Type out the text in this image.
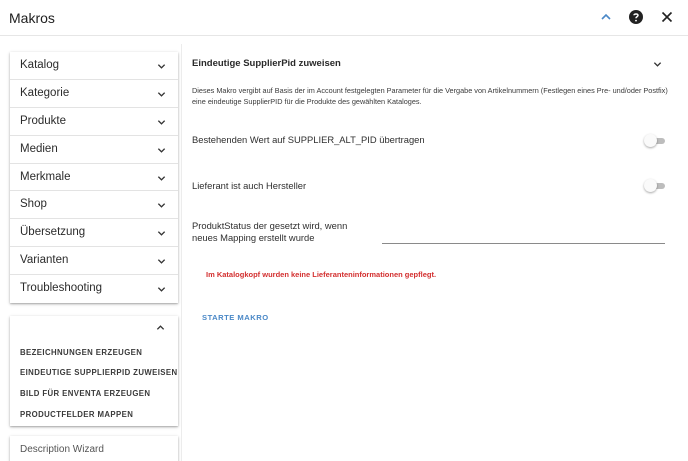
Makros
Katalog
Kategorie
Produkte
Medien
Merkmale
Shop
Übersetzung
Varianten
Troubleshooting
BEZEICHNUNGEN ERZEUGEN
EINDEUTIGE SUPPLIERPID ZUWEISEN
BILD FÜR ENVENTA ERZEUGEN
PRODUCTFELDER MAPPEN
Description Wizard
Eindeutige SupplierPid zuweisen
Dieses Makro vergibt auf Basis der im Account festgelegten Parameter für die Vergabe von Artikelnummern (Festlegen eines Pre- und/oder Postfix) eine eindeutige SupplierPID für die Produkte des gewählten Kataloges.
Bestehenden Wert auf SUPPLIER_ALT_PID übertragen
Lieferant ist auch Hersteller
ProduktStatus der gesetzt wird, wenn neues Mapping erstellt wurde
Im Katalogkopf wurden keine Lieferanteninformationen gepflegt.
STARTE MAKRO
